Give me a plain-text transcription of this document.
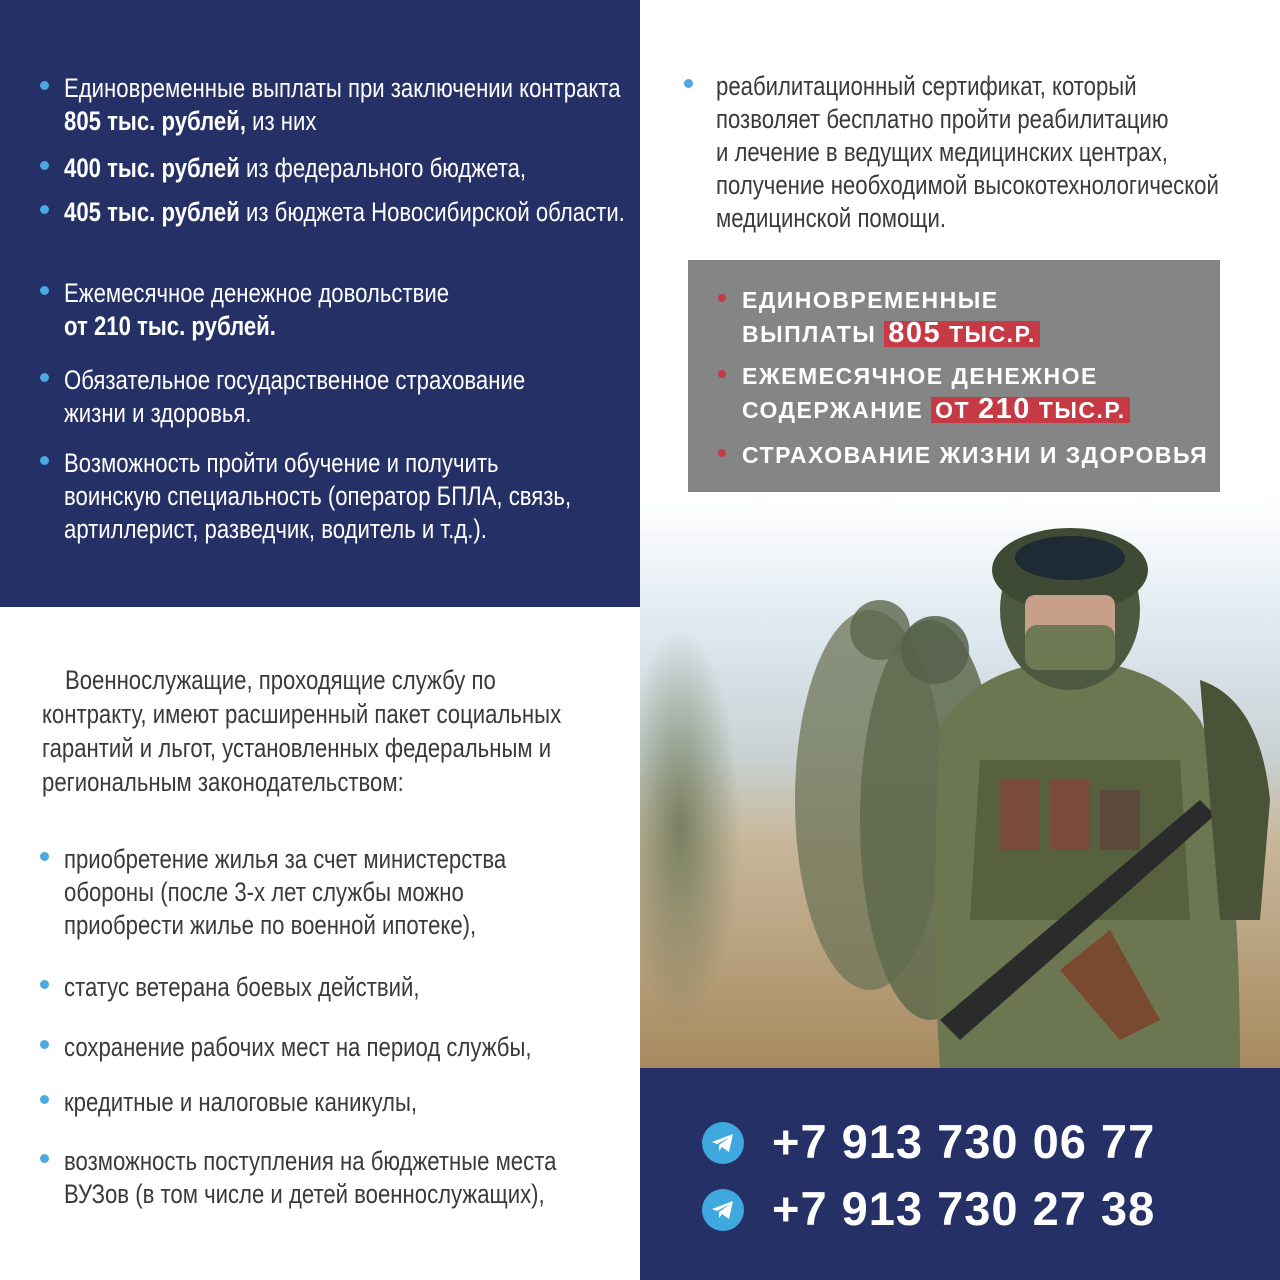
Единовременные выплаты при заключении контракта
805 тыс. рублей, из них
400 тыс. рублей из федерального бюджета,
405 тыс. рублей из бюджета Новосибирской области.
Ежемесячное денежное довольствие
от 210 тыс. рублей.
Обязательное государственное страхование
жизни и здоровья.
Возможность пройти обучение и получить
воинскую специальность (оператор БПЛА, связь,
артиллерист, разведчик, водитель и т.д.).
Военнослужащие, проходящие службу по
контракту, имеют расширенный пакет социальных
гарантий и льгот, установленных федеральным и
региональным законодательством:
приобретение жилья за счет министерства
обороны (после 3-х лет службы можно
приобрести жилье по военной ипотеке),
статус ветерана боевых действий,
сохранение рабочих мест на период службы,
кредитные и налоговые каникулы,
возможность поступления на бюджетные места
ВУЗов (в том числе и детей военнослужащих),
реабилитационный сертификат, который
позволяет бесплатно пройти реабилитацию
и лечение в ведущих медицинских центрах,
получение необходимой высокотехнологической
медицинской помощи.
ЕДИНОВРЕМЕННЫЕ
ВЫПЛАТЫ 805 ТЫС.Р.
ЕЖЕМЕСЯЧНОЕ ДЕНЕЖНОЕ
СОДЕРЖАНИЕ ОТ 210 ТЫС.Р.
СТРАХОВАНИЕ ЖИЗНИ И ЗДОРОВЬЯ
+7 913 730 06 77
+7 913 730 27 38
